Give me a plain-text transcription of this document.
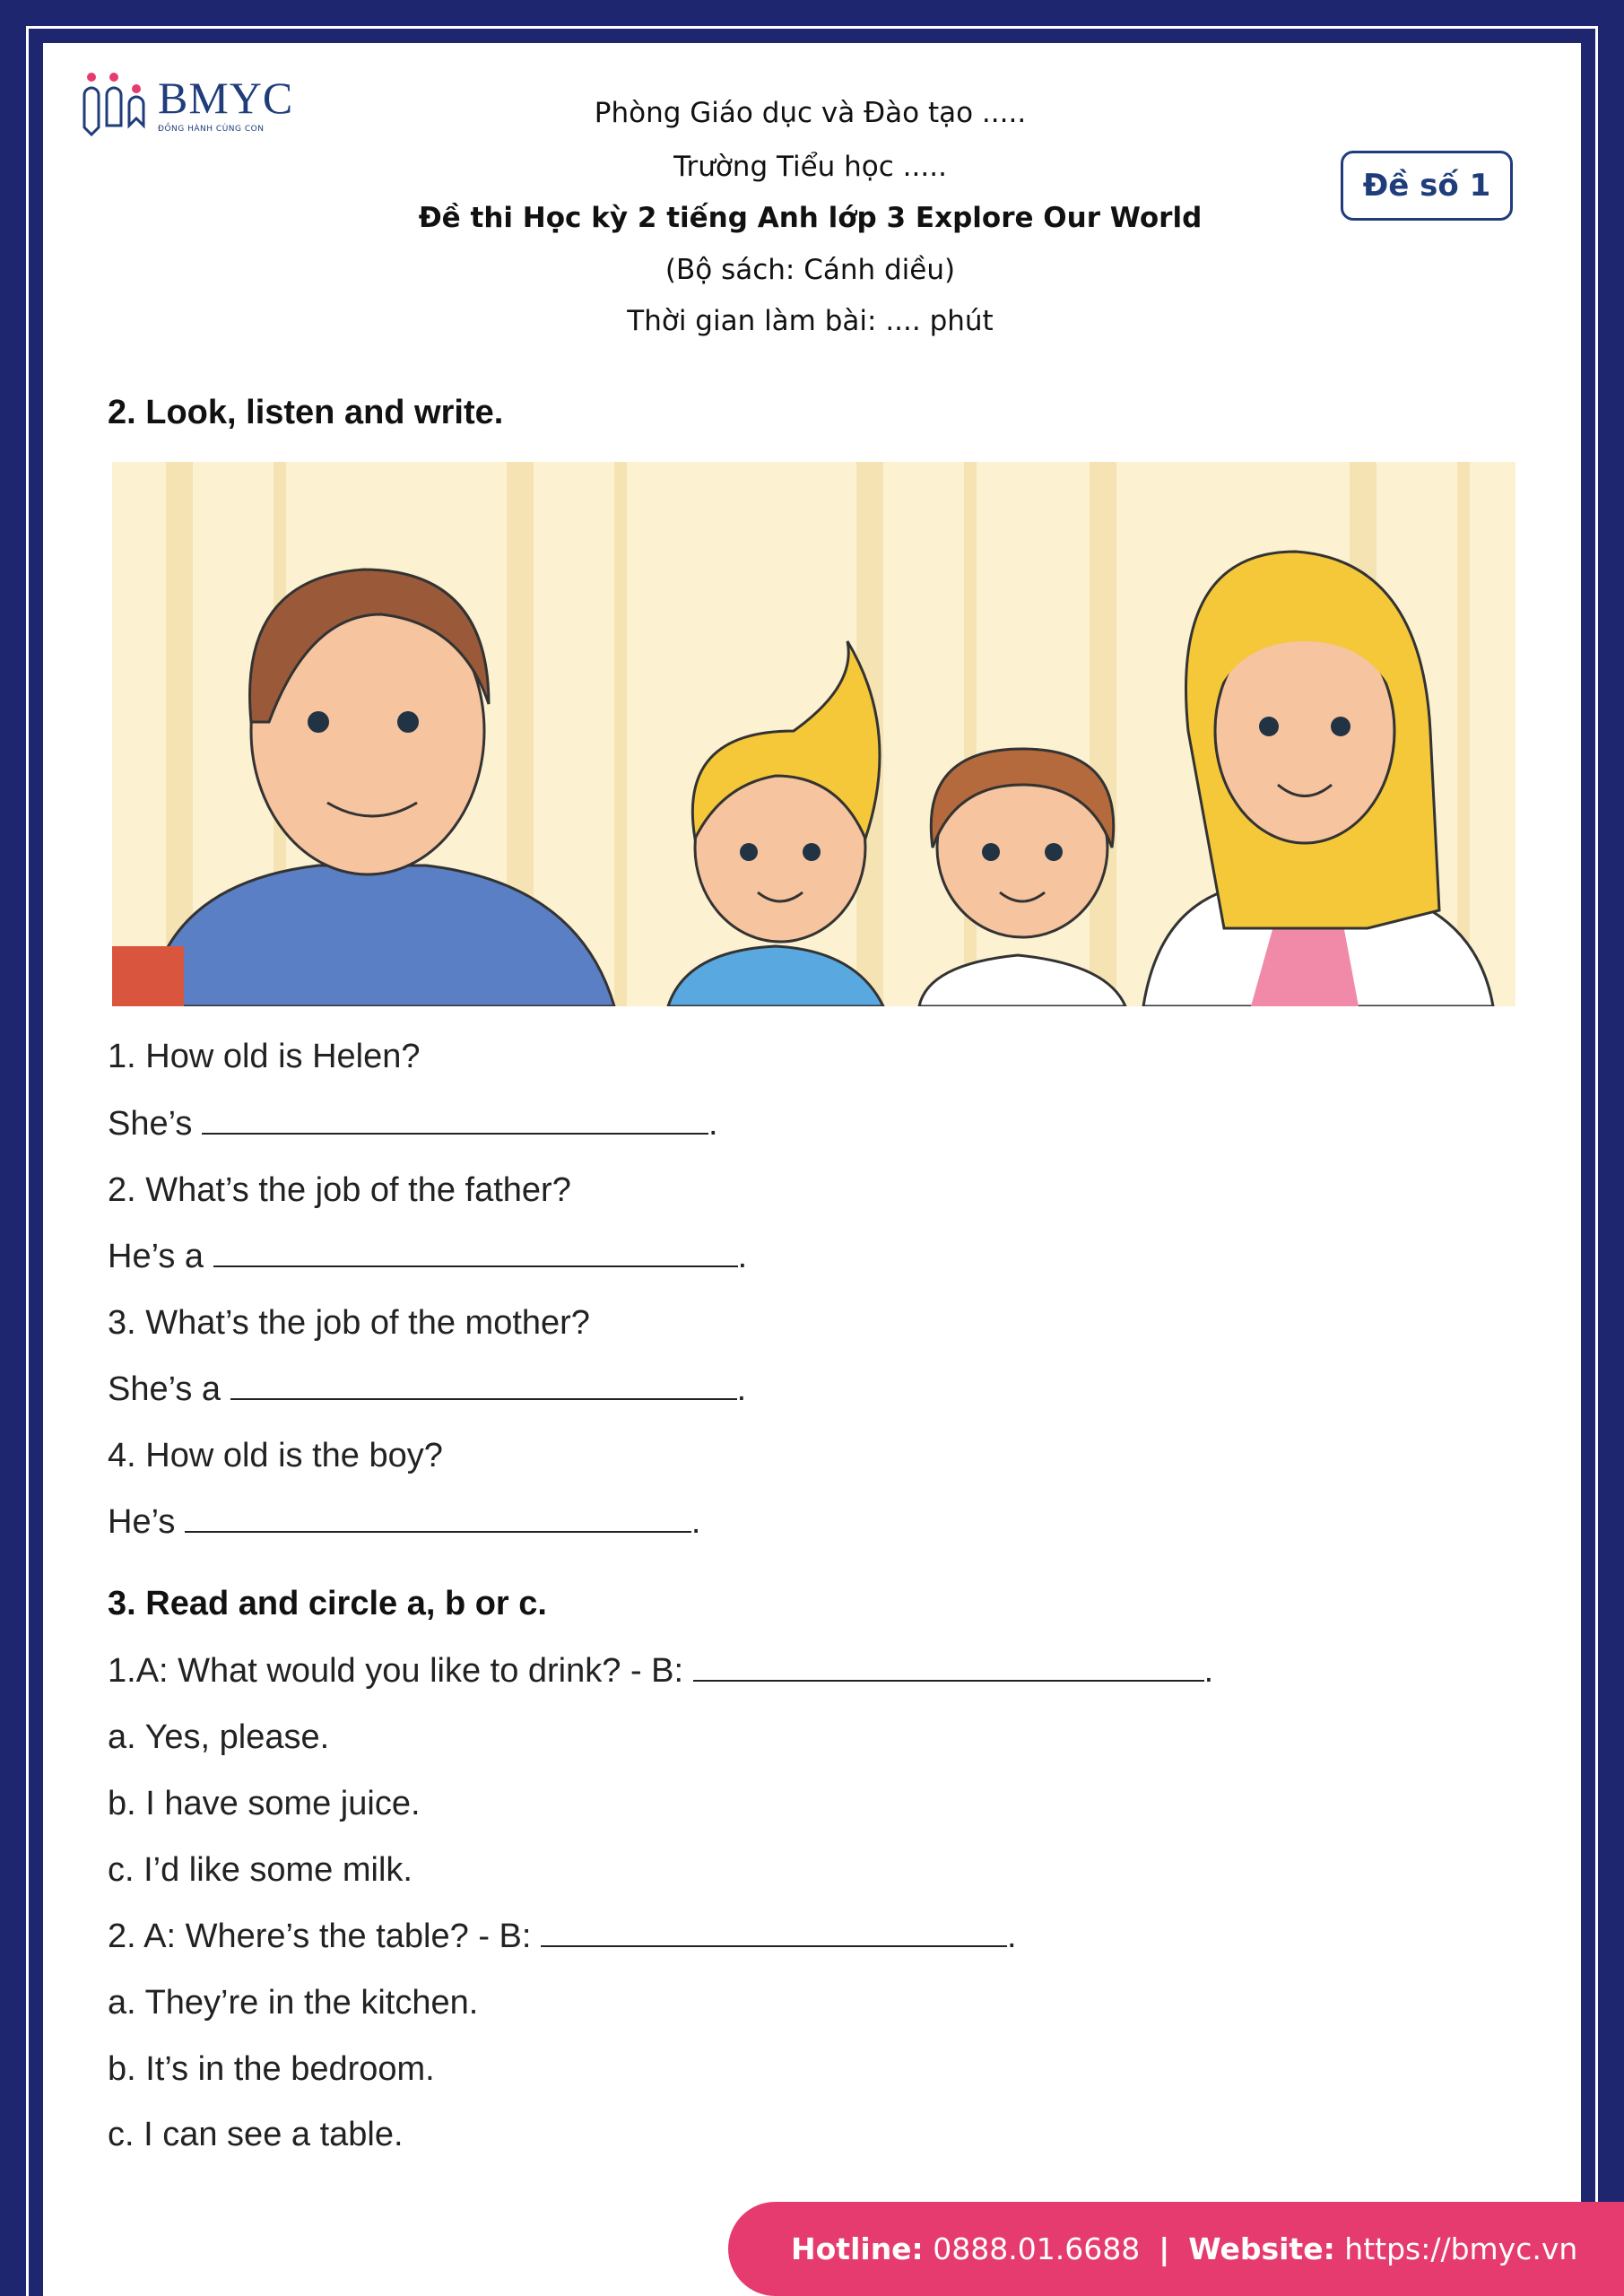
BMYC
ĐỒNG HÀNH CÙNG CON	Phòng Giáo dục và Đào tạo .....
Trường Tiểu học .....
Đề thi Học kỳ 2 tiếng Anh lớp 3 Explore Our World
(Bộ sách: Cánh diều)
Thời gian làm bài: .... phút
Đề số 1
2. Look, listen and write.
1. How old is Helen?
She’s	.
2. What’s the job of the father?
He’s a	.
3. What’s the job of the mother?
She’s a	.
4. How old is the boy?
He’s	.
3. Read and circle a, b or c.
1.A: What would you like to drink? - B:	.
a. Yes, please.
b. I have some juice.
c. I’d like some milk.
2. A: Where’s the table? - B:	.
a. They’re in the kitchen.
b. It’s in the bedroom.
c. I can see a table.
Hotline:
0888.01.6688
|
Website:
https://bmyc.vn
